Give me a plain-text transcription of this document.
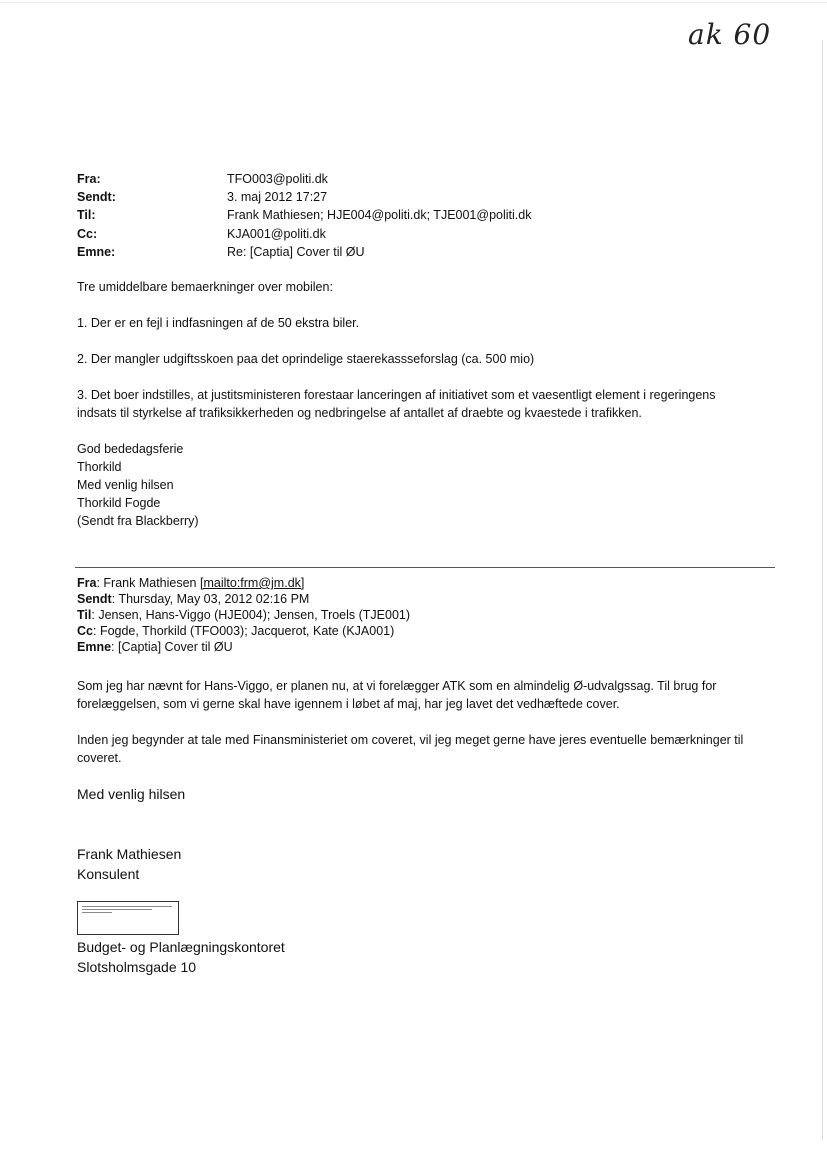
ak 60
Fra:	TFO003@politi.dk
Sendt:	3. maj 2012 17:27
Til:	Frank Mathiesen; HJE004@politi.dk; TJE001@politi.dk
Cc:	KJA001@politi.dk
Emne:	Re: [Captia] Cover til ØU

Tre umiddelbare bemaerkninger over mobilen:

1. Der er en fejl i indfasningen af de 50 ekstra biler.

2. Der mangler udgiftsskoen paa det oprindelige staerekassseforslag (ca. 500 mio)

3. Det boer indstilles, at justitsministeren forestaar lanceringen af initiativet som et vaesentligt element i regeringens indsats til styrkelse af trafiksikkerheden og nedbringelse af antallet af draebte og kvaestede i trafikken.

God bededagsferie
Thorkild
Med venlig hilsen
Thorkild Fogde
(Sendt fra Blackberry)
Fra: Frank Mathiesen [mailto:frm@jm.dk]
Sendt: Thursday, May 03, 2012 02:16 PM
Til: Jensen, Hans-Viggo (HJE004); Jensen, Troels (TJE001)
Cc: Fogde, Thorkild (TFO003); Jacquerot, Kate (KJA001)
Emne: [Captia] Cover til ØU

Som jeg har nævnt for Hans-Viggo, er planen nu, at vi forelægger ATK som en almindelig Ø-udvalgssag. Til brug for forelæggelsen, som vi gerne skal have igennem i løbet af maj, har jeg lavet det vedhæftede cover.

Inden jeg begynder at tale med Finansministeriet om coveret, vil jeg meget gerne have jeres eventuelle bemærkninger til coveret.

Med venlig hilsen
Frank Mathiesen
Konsulent
Budget- og Planlægningskontoret
Slotsholmsgade 10
